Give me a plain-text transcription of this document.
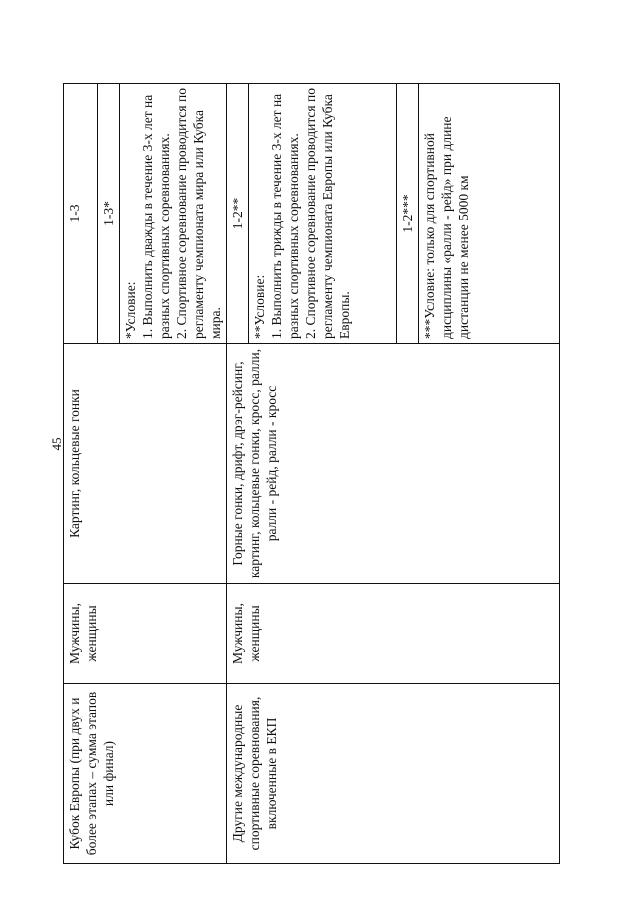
45
Кубок Европы (при двух и более этапах – сумма этапов или финал)	Мужчины, женщины	Картинг, кольцевые гонки	1-3
			1-3*

			*Условие: 1. Выполнить дважды в течение 3-х лет на разных спортивных соревнованиях. 2. Спортивное соревнование проводится по регламенту чемпионата мира или Кубка мира.

Другие международные спортивные соревнования, включенные в ЕКП	Мужчины, женщины	Горные гонки, дрифт, дрэг-рейсинг, картинг, кольцевые гонки, кросс, ралли, ралли - рейд, ралли - кросс	1-2**

			**Условие: 1. Выполнить трижды в течение 3-х лет на разных спортивных соревнованиях. 2. Спортивное соревнование проводится по регламенту чемпионата Европы или Кубка Европы.

			1-2***

			***Условие: только для спортивной дисциплины «ралли - рейд» при длине дистанции не менее 5000 км
